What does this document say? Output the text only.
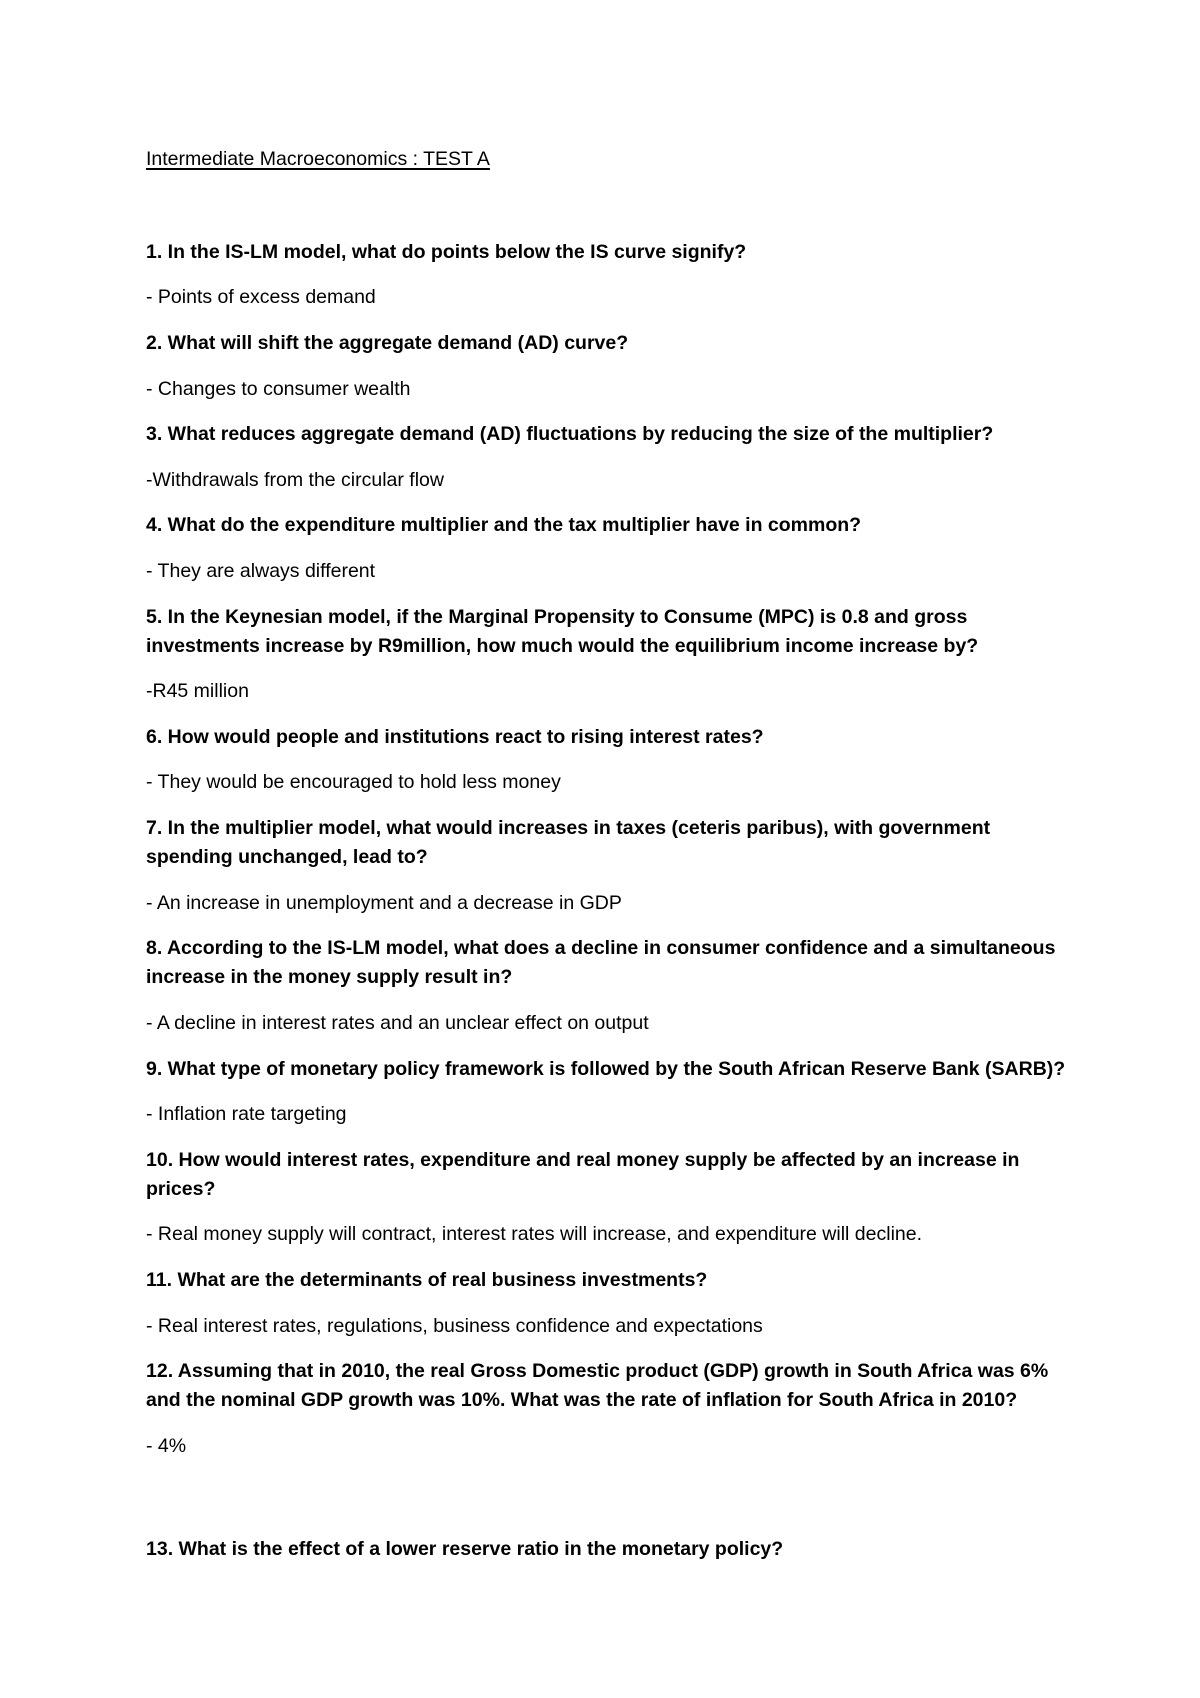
Intermediate Macroeconomics : TEST A

1. In the IS-LM model, what do points below the IS curve signify?

- Points of excess demand

2. What will shift the aggregate demand (AD) curve?

- Changes to consumer wealth

3. What reduces aggregate demand (AD) fluctuations by reducing the size of the multiplier?

-Withdrawals from the circular flow

4. What do the expenditure multiplier and the tax multiplier have in common?

- They are always different

5. In the Keynesian model, if the Marginal Propensity to Consume (MPC) is 0.8 and gross

investments increase by R9million, how much would the equilibrium income increase by?

-R45 million

6. How would people and institutions react to rising interest rates?

- They would be encouraged to hold less money

7. In the multiplier model, what would increases in taxes (ceteris paribus), with government

spending unchanged, lead to?

- An increase in unemployment and a decrease in GDP

8. According to the IS-LM model, what does a decline in consumer confidence and a simultaneous

increase in the money supply result in?

- A decline in interest rates and an unclear effect on output

9. What type of monetary policy framework is followed by the South African Reserve Bank (SARB)?

- Inflation rate targeting

10. How would interest rates, expenditure and real money supply be affected by an increase in

prices?

- Real money supply will contract, interest rates will increase, and expenditure will decline.

11. What are the determinants of real business investments?

- Real interest rates, regulations, business confidence and expectations

12. Assuming that in 2010, the real Gross Domestic product (GDP) growth in South Africa was 6%

and the nominal GDP growth was 10%. What was the rate of inflation for South Africa in 2010?

- 4%

13. What is the effect of a lower reserve ratio in the monetary policy?
